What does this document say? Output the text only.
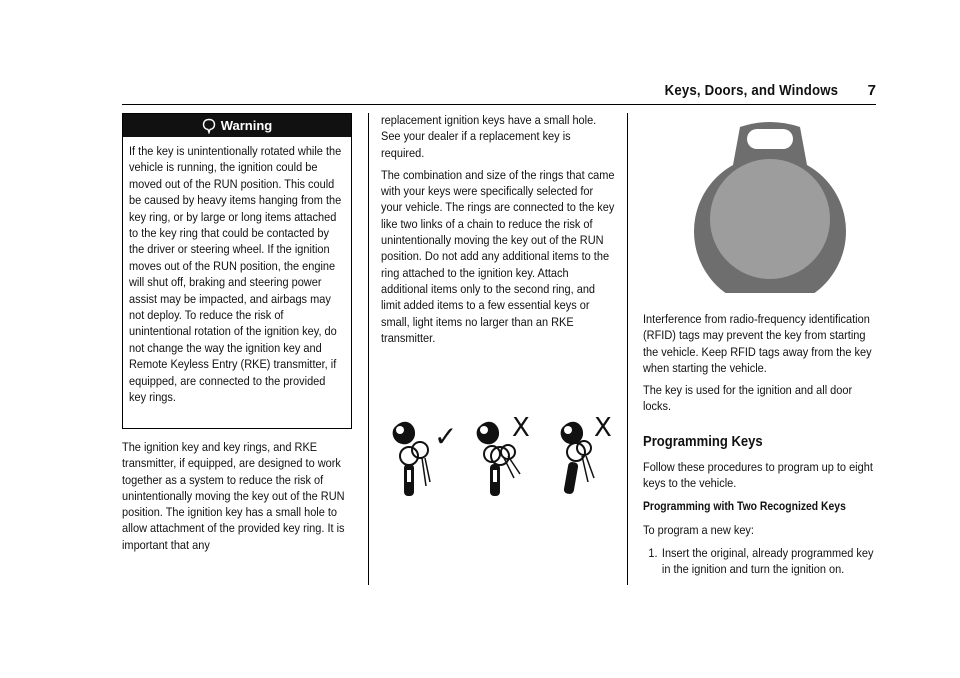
Keys, Doors, and Windows 7
Warning
If the key is unintentionally rotated while the vehicle is running, the ignition could be moved out of the RUN position. This could be caused by heavy items hanging from the key ring, or by large or long items attached to the key ring that could be contacted by the driver or steering wheel. If the ignition moves out of the RUN position, the engine will shut off, braking and steering power assist may be impacted, and airbags may not deploy. To reduce the risk of unintentional rotation of the ignition key, do not change the way the ignition key and Remote Keyless Entry (RKE) transmitter, if equipped, are connected to the provided key rings.

The ignition key and key rings, and RKE transmitter, if equipped, are designed to work together as a system to reduce the risk of unintentionally moving the key out of the RUN position. The ignition key has a small hole to allow attachment of the provided key ring. It is important that any

replacement ignition keys have a small hole. See your dealer if a replacement key is required.

The combination and size of the rings that came with your keys were specifically selected for your vehicle. The rings are connected to the key like two links of a chain to reduce the risk of unintentionally moving the key out of the RUN position. Do not add any additional items to the ring attached to the ignition key. Attach additional items only to the second ring, and limit added items to a few essential keys or small, light items no larger than an RKE transmitter.

✓ X X

Interference from radio-frequency identification (RFID) tags may prevent the key from starting the vehicle. Keep RFID tags away from the key when starting the vehicle.

The key is used for the ignition and all door locks.

Programming Keys

Follow these procedures to program up to eight keys to the vehicle.

Programming with Two Recognized Keys

To program a new key:

1. Insert the original, already programmed key in the ignition and turn the ignition on.
